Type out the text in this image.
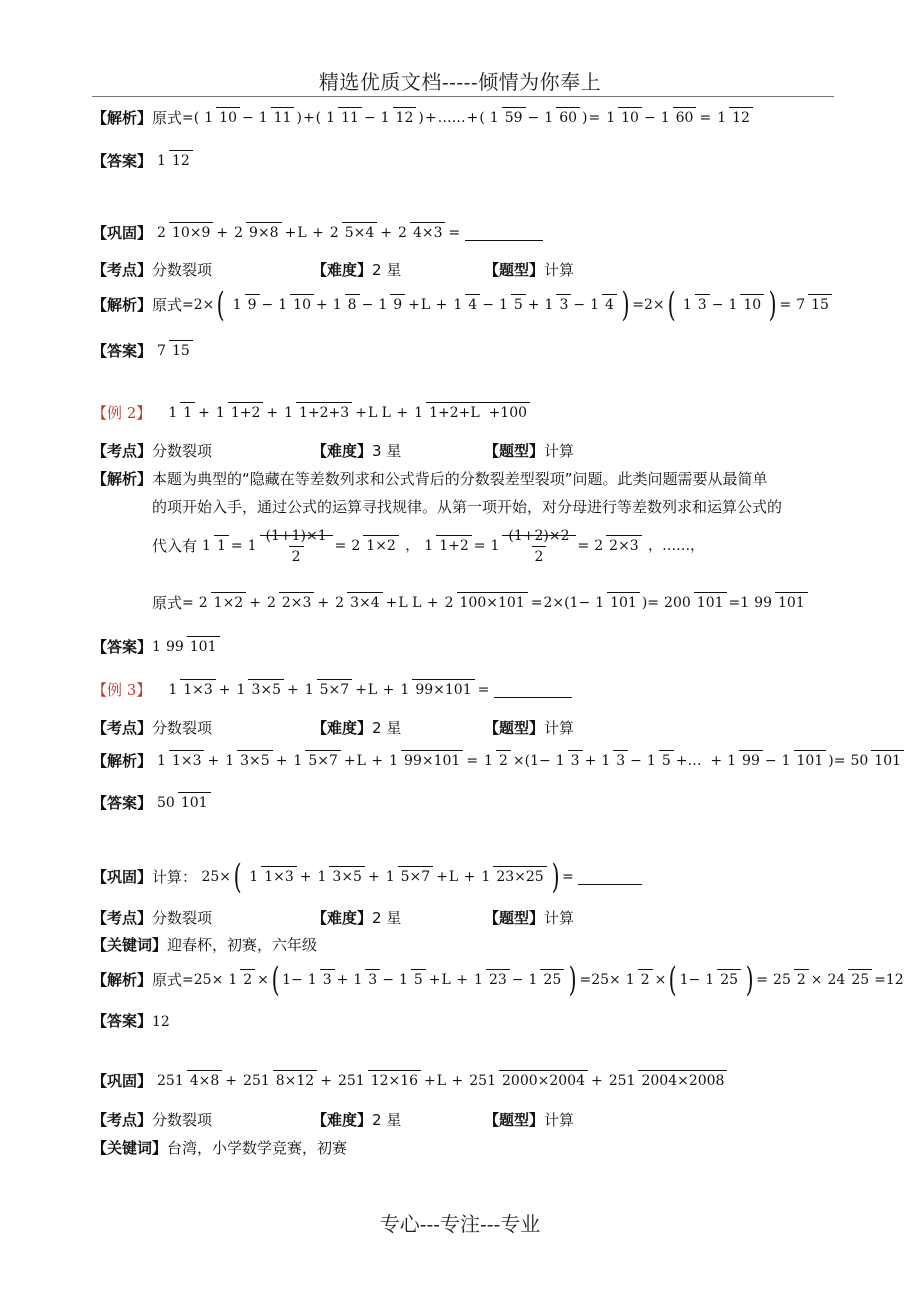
精选优质文档-----倾情为你奉上
【解析】 原式 = ( 1 10 − 1 11 ) + ( 1 11 − 1 12 ) + …… + ( 1 59 − 1 60 ) = 1 10 − 1 60 = 1 12
【答案】 1 12
【巩固】 2 10×9 + 2 9×8 + L + 2 5×4 + 2 4×3 =
【考点】分数裂项	【难度】2 星	【题型】计算
【解析】 原式 =2× ( 1 9 − 1 10 + 1 8 − 1 9 + L + 1 4 − 1 5 + 1 3 − 1 4 ) =2× ( 1 3 − 1 10 ) = 7 15
【答案】 7 15
【例 2】 1 1 + 1 1+2 + 1 1+2+3 + L L + 1 1+2+L  +100
【考点】分数裂项	【难度】3 星	【题型】计算
【解析】本题为典型的“隐藏在等差数列求和公式背后的分数裂差型裂项”问题。此类问题需要从最简单
的项开始入手，通过公式的运算寻找规律。从第一项开始，对分母进行等差数列求和运算公式的
代入有 1 $1 = 1 \frac{(1+1)\times 1}{2} = 2$ 1×2 ， 1 $1+2 = 1 \frac{(1+2)\times 2}{2} = 2$ 2×3 ，……，
原式 = 2 1×2 + 2 2×3 + 2 3×4 + L L + 2 100×101 = 2×(1− 1 101 )= 200 101 =1 99 101
【答案】 1 99 101
【例 3】 1 1×3 + 1 3×5 + 1 5×7 + L + 1 99×101 =
【考点】分数裂项	【难度】2 星	【题型】计算
【解析】 1 1×3 + 1 3×5 + 1 5×7 + L + 1 99×101 = 1 2 ×(1− 1 3 + 1 3 − 1 5 +…  + 1 99 − 1 101 )= 50 101
【答案】 50 101
【巩固】 计算： 25× ( 1 1×3 + 1 3×5 + 1 5×7 + L + 1 23×25 ) =
【考点】分数裂项	【难度】2 星	【题型】计算
【关键词】迎春杯，初赛，六年级
【解析】 原式 =25× 1 2 × ( 1− 1 3 + 1 3 − 1 5 + L + 1 23 − 1 25 ) =25× 1 2 × ( 1− 1 25 ) = 25 2 × 24 25 =12
【答案】12
【巩固】 251 4×8 + 251 8×12 + 251 12×16 + L + 251 2000×2004 + 251 2004×2008
【考点】分数裂项	【难度】2 星	【题型】计算
【关键词】台湾，小学数学竞赛，初赛
专心---专注---专业
